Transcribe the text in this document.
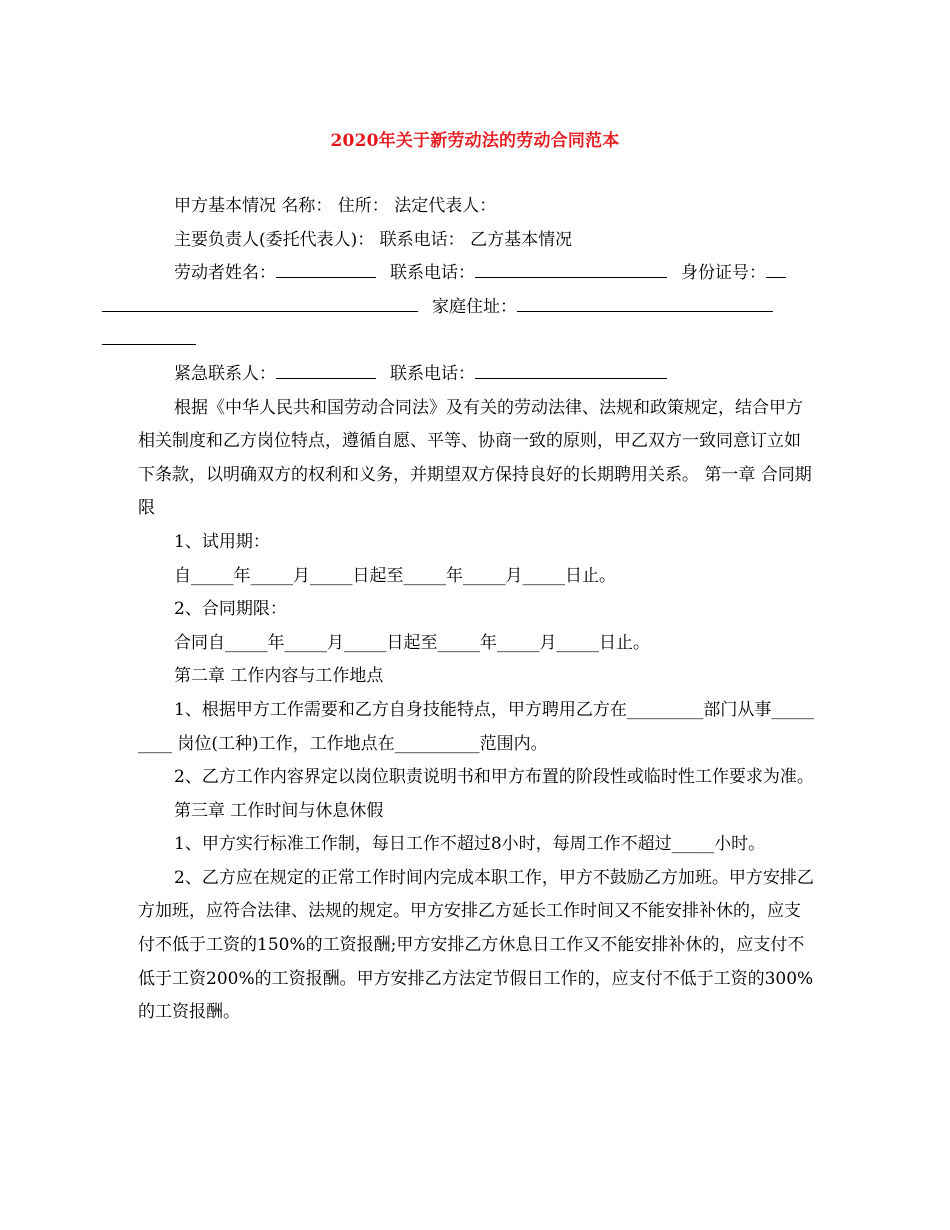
2020年关于新劳动法的劳动合同范本

甲方基本情况 名称： 住所： 法定代表人：

主要负责人(委托代表人)： 联系电话： 乙方基本情况

劳动者姓名：	联系电话：	身份证号：
家庭住址：

紧急联系人：	联系电话：

根据《中华人民共和国劳动合同法》及有关的劳动法律、法规和政策规定，结合甲方相关制度和乙方岗位特点，遵循自愿、平等、协商一致的原则，甲乙双方一致同意订立如下条款，以明确双方的权利和义务，并期望双方保持良好的长期聘用关系。 第一章 合同期限

1、试用期：

自_____年_____月_____日起至_____年_____月_____日止。

2、合同期限：

合同自_____年_____月_____日起至_____年_____月_____日止。

第二章 工作内容与工作地点

1、根据甲方工作需要和乙方自身技能特点，甲方聘用乙方在_________部门从事_________ 岗位(工种)工作，工作地点在__________范围内。

2、乙方工作内容界定以岗位职责说明书和甲方布置的阶段性或临时性工作要求为准。

第三章 工作时间与休息休假

1、甲方实行标准工作制，每日工作不超过8小时，每周工作不超过_____小时。

2、乙方应在规定的正常工作时间内完成本职工作，甲方不鼓励乙方加班。甲方安排乙方加班，应符合法律、法规的规定。甲方安排乙方延长工作时间又不能安排补休的，应支付不低于工资的150%的工资报酬;甲方安排乙方休息日工作又不能安排补休的，应支付不低于工资200%的工资报酬。甲方安排乙方法定节假日工作的，应支付不低于工资的300%的工资报酬。
